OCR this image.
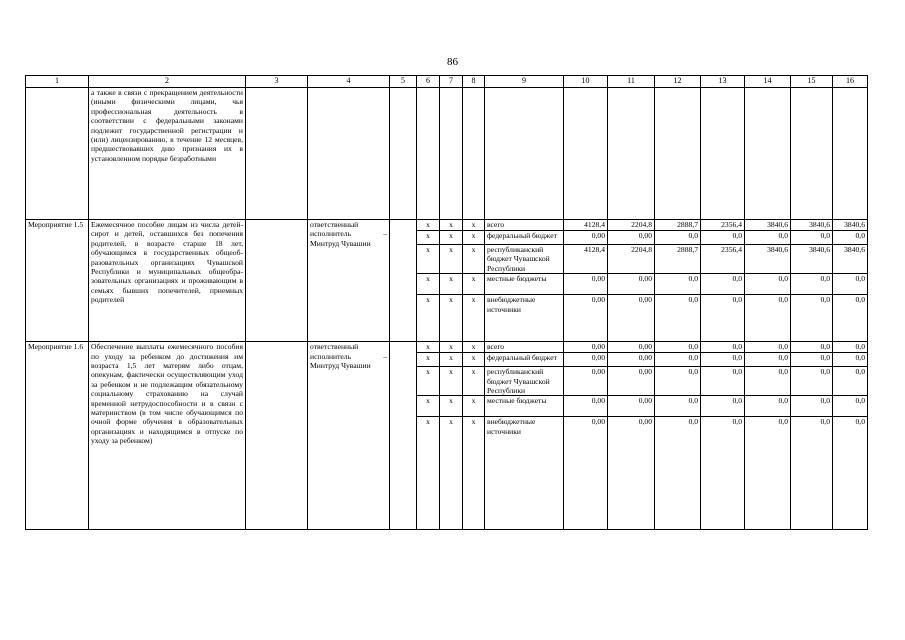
86
1	2	3	4	5	6	7	8	9	10	11	12	13	14	15	16
	а также в связи с прекращением деятельности (иными физическими лицами, чья профессиональная деятельность в соответствии с федеральными законами подлежит государственной регистрации и (или) лицензированию, в течение 12 месяцев, предшествовавших дню признания их в установленном порядке безработными														
Мероприятие 1.5	Ежемесячное пособие лицам из числа детей-сирот и детей, оставшихся без попечения родителей, в возрасте старше 18 лет, обучающимся в государственных общеобразовательных организациях Чувашской Республики и муниципальных общеобразовательных организациях и проживающим в семьях бывших попечителей, приемных родителей		ответственный исполнитель – Минтруд Чувашии		x	x	x	всего	4128,4	2204,8	2888,7	2356,4	3840,6	3840,6	3840,6
					x	x	x	федеральный бюджет	0,00	0,00	0,0	0,0	0,0	0,0	0,0
					x	x	x	республиканский бюджет Чувашской Республики	4128,4	2204,8	2888,7	2356,4	3840,6	3840,6	3840,6
					x	x	x	местные бюджеты	0,00	0,00	0,0	0,0	0,0	0,0	0,0
					x	x	x	внебюджетные источники	0,00	0,00	0,0	0,0	0,0	0,0	0,0
Мероприятие 1.6	Обеспечение выплаты ежемесячного пособия по уходу за ребенком до достижения им возраста 1,5 лет матерям либо отцам, опекунам, фактически осуществляющим уход за ребенком и не подлежащим обязательному социальному страхованию на случай временной нетрудоспособности и в связи с материнством (в том числе обучающимся по очной форме обучения в образовательных организациях и находящимся в отпуске по уходу за ребенком)		ответственный исполнитель – Минтруд Чувашии		x	x	x	всего	0,00	0,00	0,0	0,0	0,0	0,0	0,0
					x	x	x	федеральный бюджет	0,00	0,00	0,0	0,0	0,0	0,0	0,0
					x	x	x	республиканский бюджет Чувашской Республики	0,00	0,00	0,0	0,0	0,0	0,0	0,0
					x	x	x	местные бюджеты	0,00	0,00	0,0	0,0	0,0	0,0	0,0
					x	x	x	внебюджетные источники	0,00	0,00	0,0	0,0	0,0	0,0	0,0
